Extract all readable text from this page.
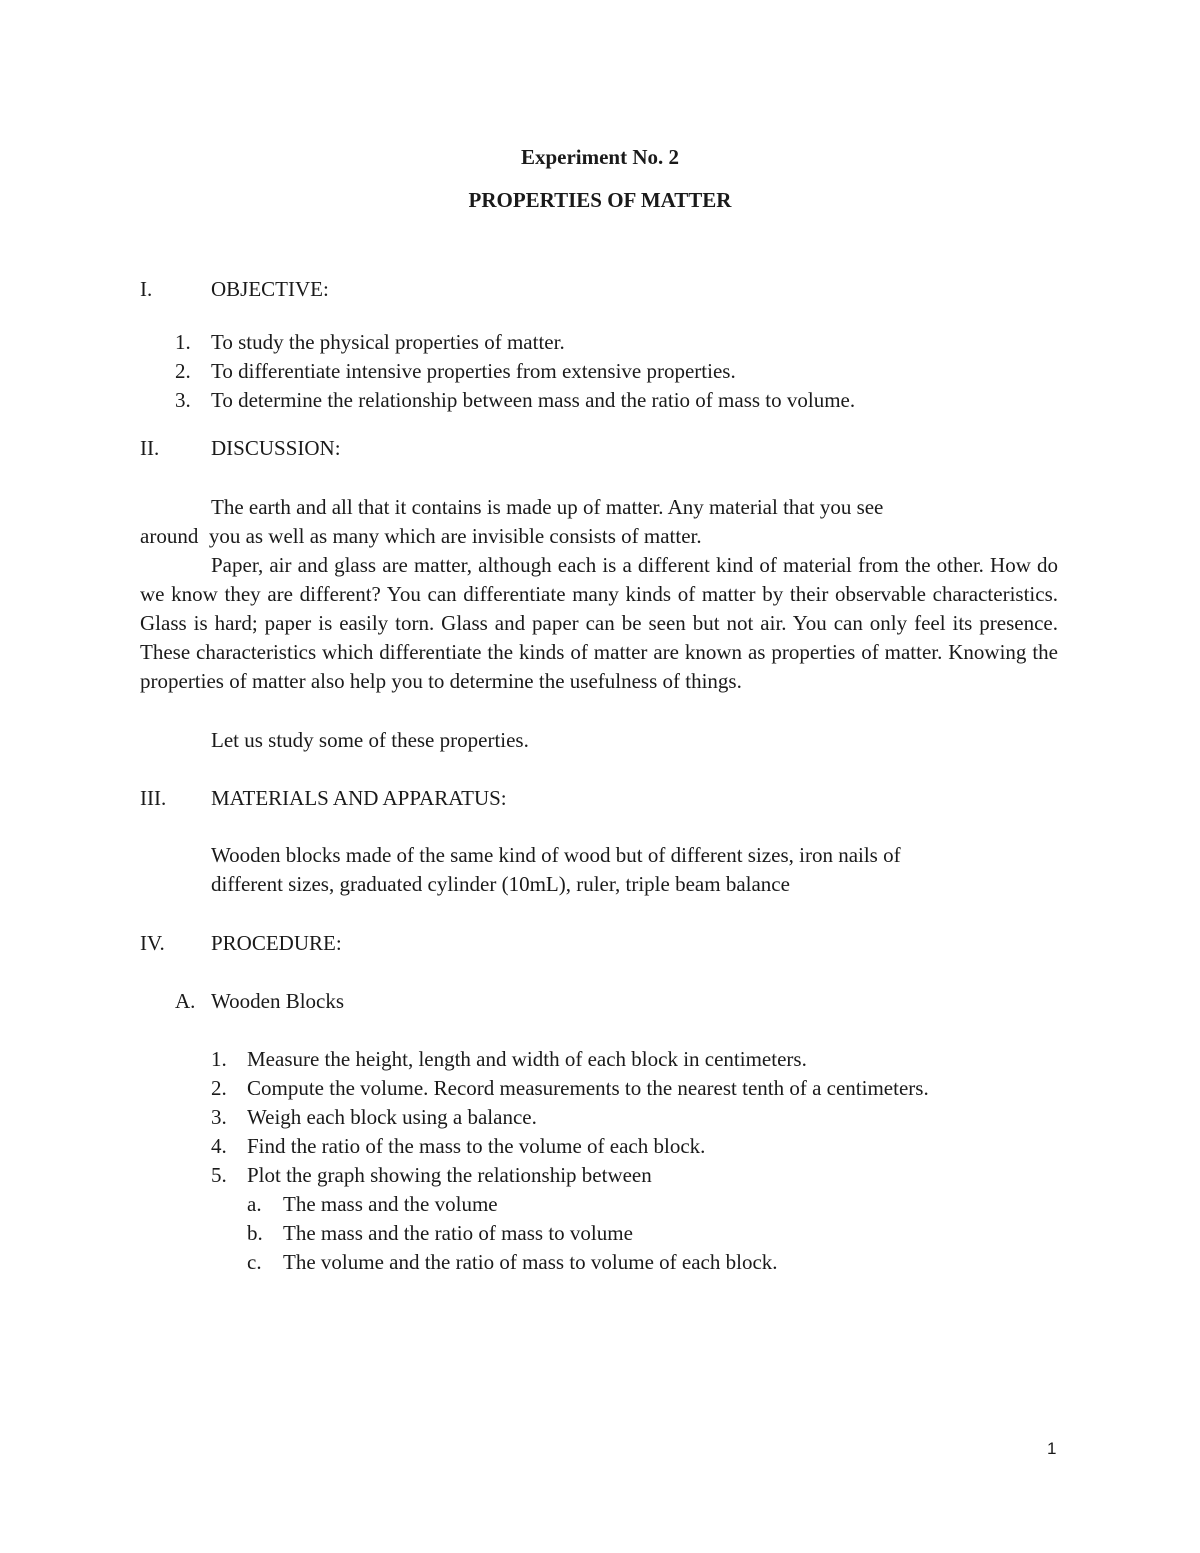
Experiment No. 2
PROPERTIES OF MATTER
I.	OBJECTIVE:
1. To study the physical properties of matter.
2. To differentiate intensive properties from extensive properties.
3. To determine the relationship between mass and the ratio of mass to volume.
II. DISCUSSION:
The earth and all that it contains is made up of matter. Any material that you see
around  you as well as many which are invisible consists of matter.
Paper, air and glass are matter, although each is a different kind of material from the other. How do we know they are different? You can differentiate many kinds of matter by their observable characteristics. Glass is hard; paper is easily torn. Glass and paper can be seen but not air. You can only feel its presence. These characteristics which differentiate the kinds of matter are known as properties of matter. Knowing the properties of matter also help you to determine the usefulness of things.
Let us study some of these properties.
III. MATERIALS AND APPARATUS:
Wooden blocks made of the same kind of wood but of different sizes, iron nails of
different sizes, graduated cylinder (10mL), ruler, triple beam balance
IV. PROCEDURE:
A. Wooden Blocks
1. Measure the height, length and width of each block in centimeters.
2. Compute the volume. Record measurements to the nearest tenth of a centimeters.
3. Weigh each block using a balance.
4. Find the ratio of the mass to the volume of each block.
5. Plot the graph showing the relationship between
a. The mass and the volume
b. The mass and the ratio of mass to volume
c. The volume and the ratio of mass to volume of each block.
1
